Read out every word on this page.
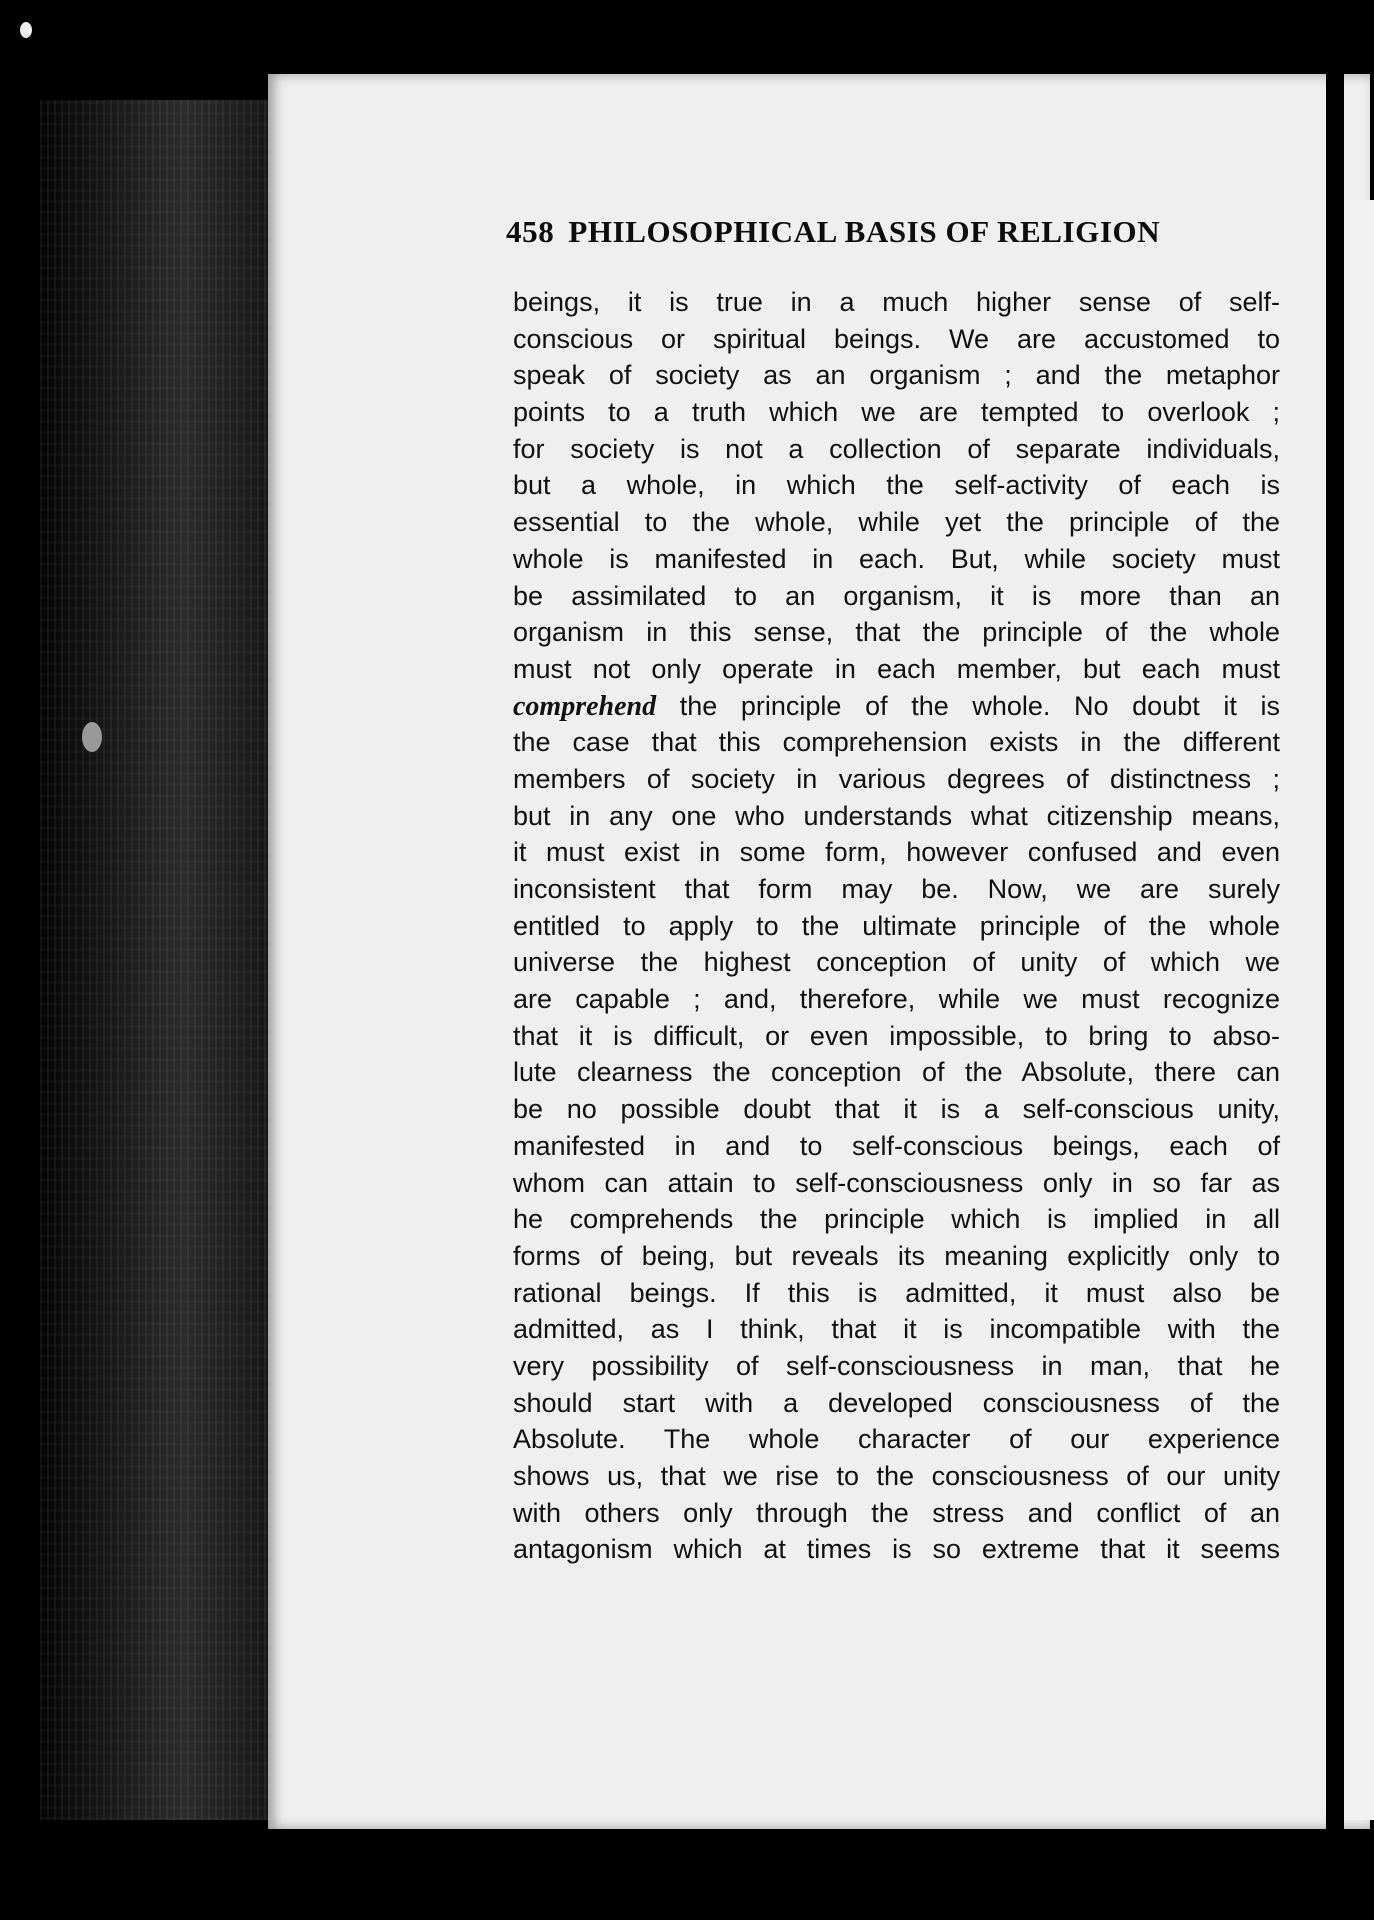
458 PHILOSOPHICAL BASIS OF RELIGION
beings, it is true in a much higher sense of self-
conscious or spiritual beings. We are accustomed to
speak of society as an organism ; and the metaphor
points to a truth which we are tempted to overlook ;
for society is not a collection of separate individuals,
but a whole, in which the self-activity of each is
essential to the whole, while yet the principle of the
whole is manifested in each. But, while society must
be assimilated to an organism, it is more than an
organism in this sense, that the principle of the whole
must not only operate in each member, but each must
comprehend the principle of the whole. No doubt it is
the case that this comprehension exists in the different
members of society in various degrees of distinctness ;
but in any one who understands what citizenship means,
it must exist in some form, however confused and even
inconsistent that form may be. Now, we are surely
entitled to apply to the ultimate principle of the whole
universe the highest conception of unity of which we
are capable ; and, therefore, while we must recognize
that it is difficult, or even impossible, to bring to abso-
lute clearness the conception of the Absolute, there can
be no possible doubt that it is a self-conscious unity,
manifested in and to self-conscious beings, each of
whom can attain to self-consciousness only in so far as
he comprehends the principle which is implied in all
forms of being, but reveals its meaning explicitly only to
rational beings. If this is admitted, it must also be
admitted, as I think, that it is incompatible with the
very possibility of self-consciousness in man, that he
should start with a developed consciousness of the
Absolute. The whole character of our experience
shows us, that we rise to the consciousness of our unity
with others only through the stress and conflict of an
antagonism which at times is so extreme that it seems
